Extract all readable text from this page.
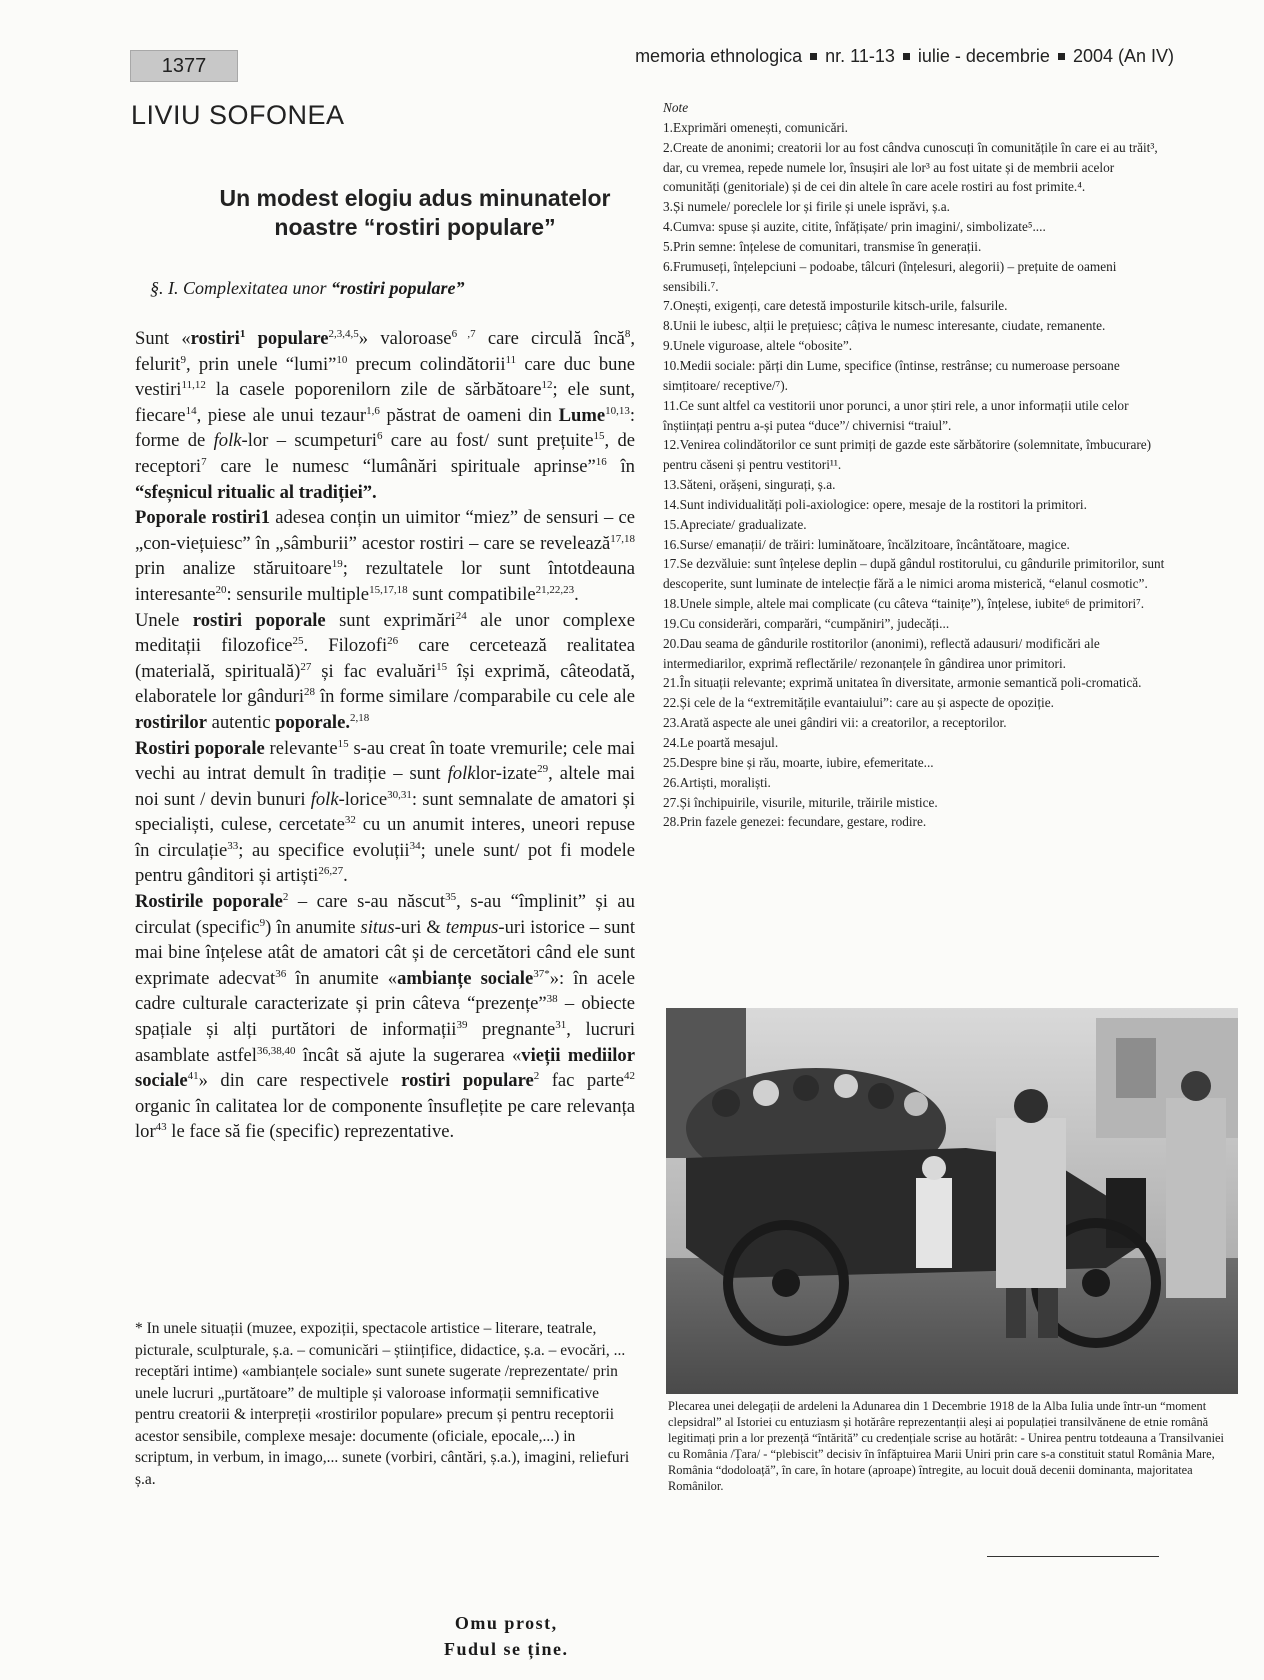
1377	memoria ethnologica nr. 11-13 iulie - decembrie 2004 (An IV)
LIVIU SOFONEA
Un modest elogiu adus minunatelor
noastre “rostiri populare”
§. I. Complexitatea unor “rostiri populare”

Sunt «rostiri$^1$ populare$^{2,3,4,5}$» valoroase$^{6 ,7}$ care circulă încă$^8$, felurit$^9$, prin unele “lumi”$^{10}$ precum colindătorii$^{11}$ care duc bune vestiri$^{11,12}$ la casele poporenilorn zile de sărbătoare$^{12}$; ele sunt, fiecare$^{14}$, piese ale unui tezaur$^{1,6}$ păstrat de oameni din Lume$^{10,13}$: forme de folk-lor – scumpeturi$^6$ care au fost/ sunt prețuite$^{15}$, de receptori$^7$ care le numesc “lumânări spirituale aprinse”$^{16}$ în “sfeșnicul ritualic al tradiției”.

Poporale rostiri1 adesea conțin un uimitor “miez” de sensuri – ce „con-viețuiesc” în „sâmburii” acestor rostiri – care se revelează$^{17,18}$ prin analize stăruitoare$^{19}$; rezultatele lor sunt întotdeauna interesante$^{20}$: sensurile multiple$^{15,17,18}$ sunt compatibile$^{21,22,23}$.

Unele rostiri poporale sunt exprimări$^{24}$ ale unor complexe meditații filozofice$^{25}$. Filozofi$^{26}$ care cercetează realitatea (materială, spirituală)$^{27}$ și fac evaluări$^{15}$ își exprimă, câteodată, elaboratele lor gânduri$^{28}$ în forme similare /comparabile cu cele ale rostirilor autentic poporale.$^{2,18}$

Rostiri poporale relevante$^{15}$ s-au creat în toate vremurile; cele mai vechi au intrat demult în tradiție – sunt folklor-izate$^{29}$, altele mai noi sunt / devin bunuri folk-lorice$^{30,31}$: sunt semnalate de amatori și specialiști, culese, cercetate$^{32}$ cu un anumit interes, uneori repuse în circulație$^{33}$; au specifice evoluții$^{34}$; unele sunt/ pot fi modele pentru gânditori și artiști$^{26,27}$.

Rostirile poporale$^2$ – care s-au născut$^{35}$, s-au “împlinit” și au circulat (specific$^9$) în anumite situs-uri & tempus-uri istorice – sunt mai bine înțelese atât de amatori cât și de cercetători când ele sunt exprimate adecvat$^{36}$ în anumite «ambianțe sociale$^{37*}$»: în acele cadre culturale caracterizate și prin câteva “prezențe”$^{38}$ – obiecte spațiale și alți purtători de informații$^{39}$ pregnante$^{31}$, lucruri asamblate astfel$^{36,38,40}$ încât să ajute la sugerarea «vieții mediilor sociale$^{41}$» din care respectivele rostiri populare$^2$ fac parte$^{42}$ organic în calitatea lor de componente însuflețite pe care relevanța lor$^{43}$ le face să fie (specific) reprezentative.

* In unele situații (muzee, expoziții, spectacole artistice – literare, teatrale, picturale, sculpturale, ș.a. – comunicări – științifice, didactice, ș.a. – evocări, ... receptări intime) «ambianțele sociale» sunt sunete sugerate /reprezentate/ prin unele lucruri „purtătoare” de multiple și valoroase informații semnificative pentru creatorii & interpreții «rostirilor populare» precum și pentru receptorii acestor sensibile, complexe mesaje: documente (oficiale, epocale,...) in scriptum, in verbum, in imago,... sunete (vorbiri, cântări, ș.a.), imagini, reliefuri ș.a.

Omu prost,
Fudul se ține.
Note
1.Exprimări omenești, comunicări.
2.Create de anonimi; creatorii lor au fost cândva cunoscuți în comunitățile în care ei au trăit³, dar, cu vremea, repede numele lor, însușiri ale lor³ au fost uitate și de membrii acelor comunități (genitoriale) și de cei din altele în care acele rostiri au fost primite.⁴.
3.Și numele/ poreclele lor și firile și unele isprăvi, ș.a.
4.Cumva: spuse și auzite, citite, înfățișate/ prin imagini/, simbolizate⁵....
5.Prin semne: înțelese de comunitari, transmise în generații.
6.Frumuseți, înțelepciuni – podoabe, tâlcuri (înțelesuri, alegorii) – prețuite de oameni sensibili.⁷.
7.Onești, exigenți, care detestă imposturile kitsch-urile, falsurile.
8.Unii le iubesc, alții le prețuiesc; câțiva le numesc interesante, ciudate, remanente.
9.Unele viguroase, altele “obosite”.
10.Medii sociale: părți din Lume, specifice (întinse, restrânse; cu numeroase persoane simțitoare/ receptive/⁷).
11.Ce sunt altfel ca vestitorii unor porunci, a unor știri rele, a unor informații utile celor înștiințați pentru a-și putea “duce”/ chivernisi “traiul”.
12.Venirea colindătorilor ce sunt primiți de gazde este sărbătorire (solemnitate, îmbucurare) pentru căseni și pentru vestitori¹¹.
13.Săteni, orășeni, singurați, ș.a.
14.Sunt individualități poli-axiologice: opere, mesaje de la rostitori la primitori.
15.Apreciate/ gradualizate.
16.Surse/ emanații/ de trăiri: luminătoare, încălzitoare, încântătoare, magice.
17.Se dezvăluie: sunt înțelese deplin – după gândul rostitorului, cu gândurile primitorilor, sunt descoperite, sunt luminate de intelecție fără a le nimici aroma misterică, “elanul cosmotic”.
18.Unele simple, altele mai complicate (cu câteva “tainițe”), înțelese, iubite⁶ de primitori⁷.
19.Cu considerări, comparări, “cumpăniri”, judecăți...
20.Dau seama de gândurile rostitorilor (anonimi), reflectă adausuri/ modificări ale intermediarilor, exprimă reflectările/ rezonanțele în gândirea unor primitori.
21.În situații relevante; exprimă unitatea în diversitate, armonie semantică poli-cromatică.
22.Și cele de la “extremitățile evantaiului”: care au și aspecte de opoziție.
23.Arată aspecte ale unei gândiri vii: a creatorilor, a receptorilor.
24.Le poartă mesajul.
25.Despre bine și rău, moarte, iubire, efemeritate...
26.Artiști, moraliști.
27.Și închipuirile, visurile, miturile, trăirile mistice.
28.Prin fazele genezei: fecundare, gestare, rodire.
Plecarea unei delegații de ardeleni la Adunarea din 1 Decembrie 1918 de la Alba Iulia unde într-un “moment clepsidral” al Istoriei cu entuziasm și hotărâre reprezentanții aleși ai populației transilvănene de etnie română legitimați prin a lor prezență “întărită” cu credențiale scrise au hotărât: - Unirea pentru totdeauna a Transilvaniei cu România /Țara/ - “plebiscit” decisiv în înfăptuirea Marii Uniri prin care s-a constituit statul România Mare, România “dodoloață”, în care, în hotare (aproape) întregite, au locuit două decenii dominanta, majoritatea Românilor.
